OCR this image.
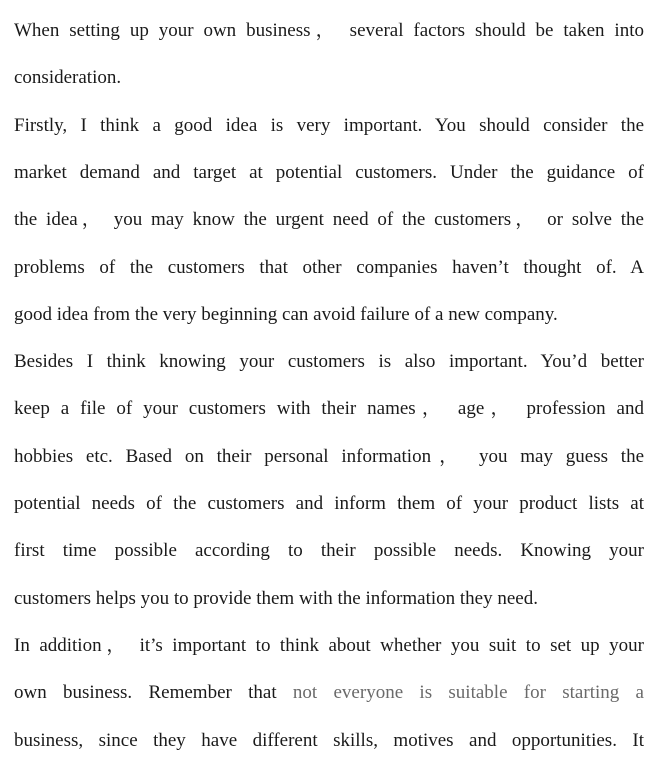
When setting up your own business， several factors should be taken into
consideration.
Firstly, I think a good idea is very important. You should consider the
market demand and target at potential customers. Under the guidance of
the idea， you may know the urgent need of the customers， or solve the
problems of the customers that other companies haven’t thought of. A
good idea from the very beginning can avoid failure of a new company.
Besides I think knowing your customers is also important. You’d better
keep a file of your customers with their names， age， profession and
hobbies etc. Based on their personal information， you may guess the
potential needs of the customers and inform them of your product lists at
first time possible according to their possible needs. Knowing your
customers helps you to provide them with the information they need.
In addition， it’s important to think about whether you suit to set up your
own business. Remember that not everyone is suitable for starting a
business, since they have different skills, motives and opportunities. It
